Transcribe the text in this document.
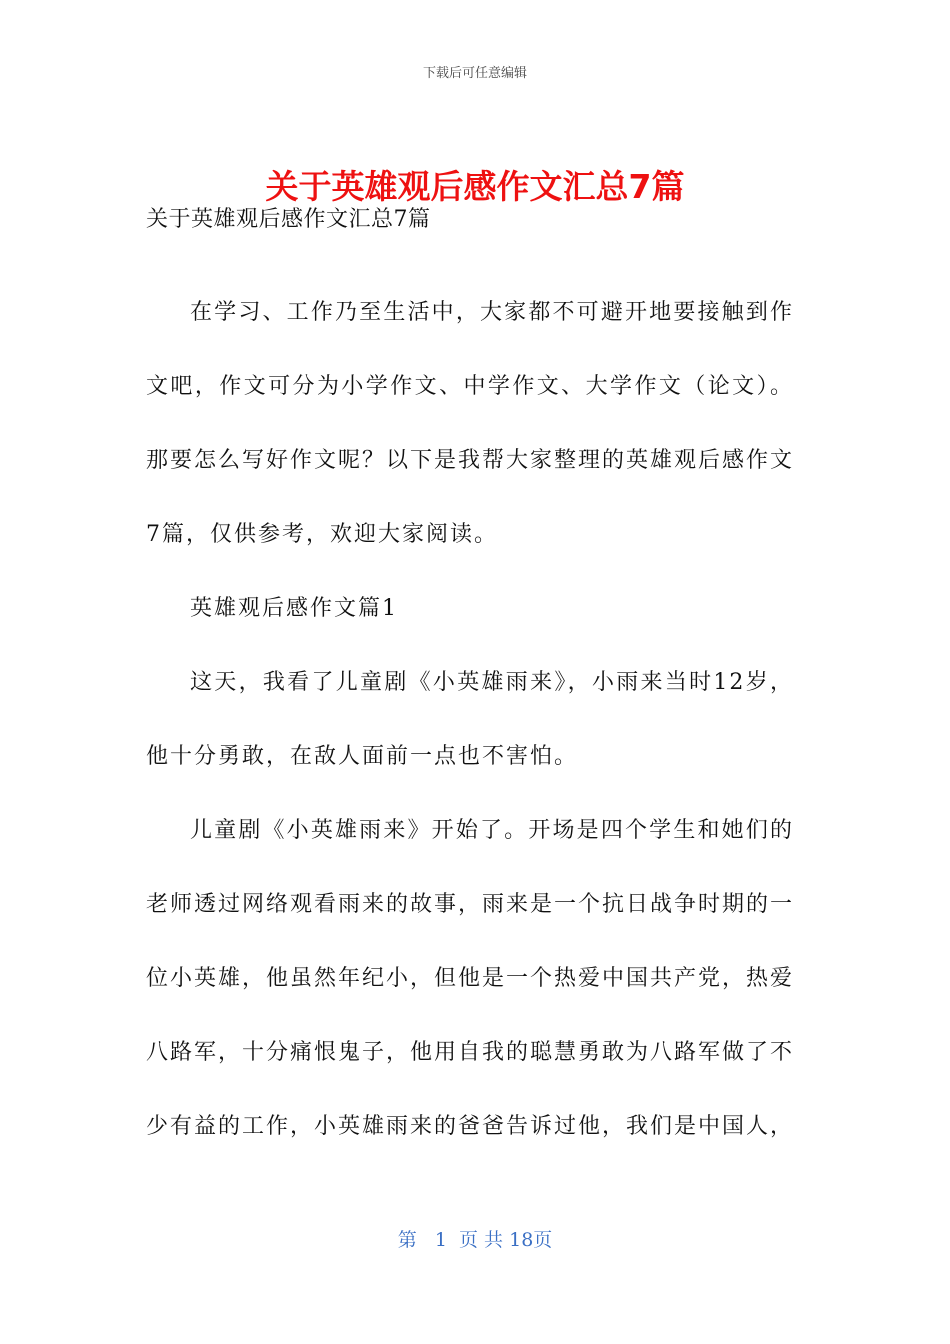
下载后可任意编辑
关于英雄观后感作文汇总7篇

关于英雄观后感作文汇总7篇

在学习、工作乃至生活中，大家都不可避开地要接触到作文吧，作文可分为小学作文、中学作文、大学作文（论文）。那要怎么写好作文呢？以下是我帮大家整理的英雄观后感作文7篇，仅供参考，欢迎大家阅读。

英雄观后感作文篇1

这天，我看了儿童剧《小英雄雨来》，小雨来当时12岁，他十分勇敢，在敌人面前一点也不害怕。

儿童剧《小英雄雨来》开始了。开场是四个学生和她们的老师透过网络观看雨来的故事，雨来是一个抗日战争时期的一位小英雄，他虽然年纪小，但他是一个热爱中国共产党，热爱八路军，十分痛恨鬼子，他用自我的聪慧勇敢为八路军做了不少有益的工作，小英雄雨来的爸爸告诉过他，我们是中国人，

第 1 页 共 18页
